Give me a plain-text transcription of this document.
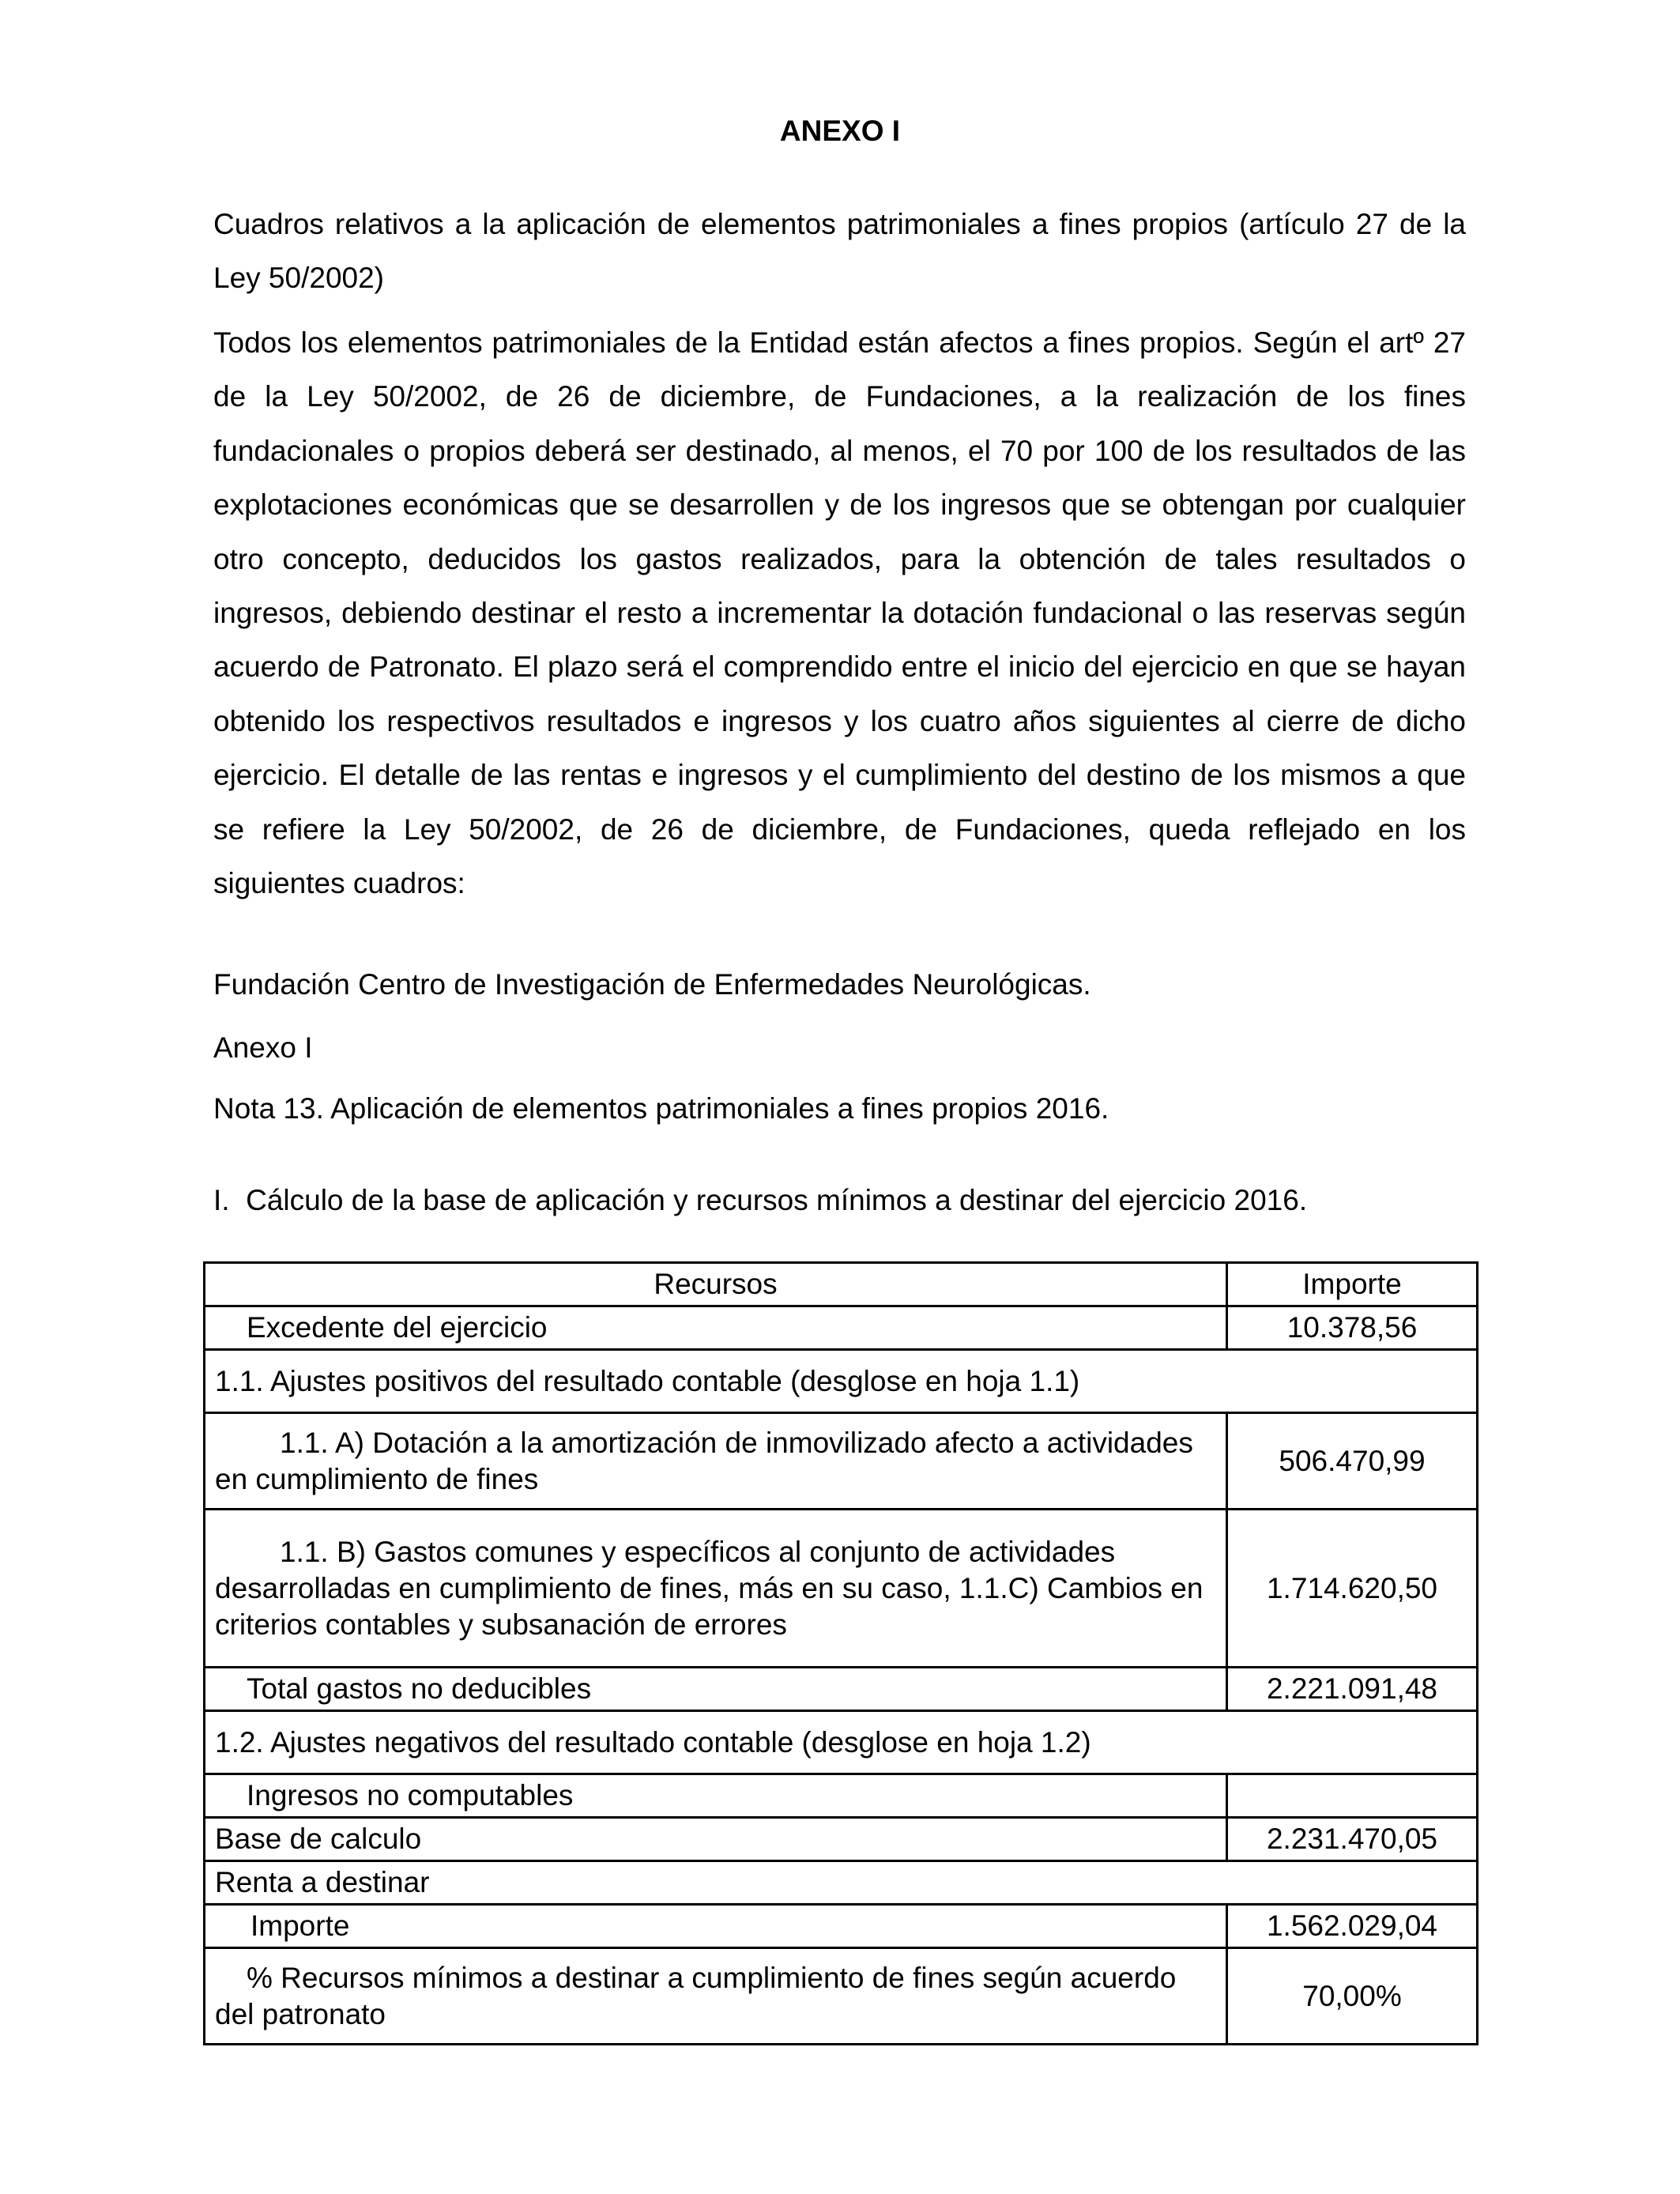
ANEXO I
Cuadros relativos a la aplicación de elementos patrimoniales a fines propios (artículo 27 de la Ley 50/2002)
Todos los elementos patrimoniales de la Entidad están afectos a fines propios. Según el artº 27 de la Ley 50/2002, de 26 de diciembre, de Fundaciones, a la realización de los fines fundacionales o propios deberá ser destinado, al menos, el 70 por 100 de los resultados de las explotaciones económicas que se desarrollen y de los ingresos que se obtengan por cualquier otro concepto, deducidos los gastos realizados, para la obtención de tales resultados o ingresos, debiendo destinar el resto a incrementar la dotación fundacional o las reservas según acuerdo de Patronato. El plazo será el comprendido entre el inicio del ejercicio en que se hayan obtenido los respectivos resultados e ingresos y los cuatro años siguientes al cierre de dicho ejercicio. El detalle de las rentas e ingresos y el cumplimiento del destino de los mismos a que se refiere la Ley 50/2002, de 26 de diciembre, de Fundaciones, queda reflejado en los siguientes cuadros:
Fundación Centro de Investigación de Enfermedades Neurológicas.
Anexo I
Nota 13. Aplicación de elementos patrimoniales a fines propios 2016.
I.  Cálculo de la base de aplicación y recursos mínimos a destinar del ejercicio 2016.
Recursos	Importe
Excedente del ejercicio	10.378,56
1.1. Ajustes positivos del resultado contable (desglose en hoja 1.1)	
1.1. A) Dotación a la amortización de inmovilizado afecto a actividades en cumplimiento de fines	506.470,99
1.1. B) Gastos comunes y específicos al conjunto de actividades desarrolladas en cumplimiento de fines, más en su caso, 1.1.C) Cambios en criterios contables y subsanación de errores	1.714.620,50
Total gastos no deducibles	2.221.091,48
1.2. Ajustes negativos del resultado contable (desglose en hoja 1.2)	
Ingresos no computables	
Base de calculo	2.231.470,05
Renta a destinar	
Importe	1.562.029,04
% Recursos mínimos a destinar a cumplimiento de fines según acuerdo del patronato	70,00%
